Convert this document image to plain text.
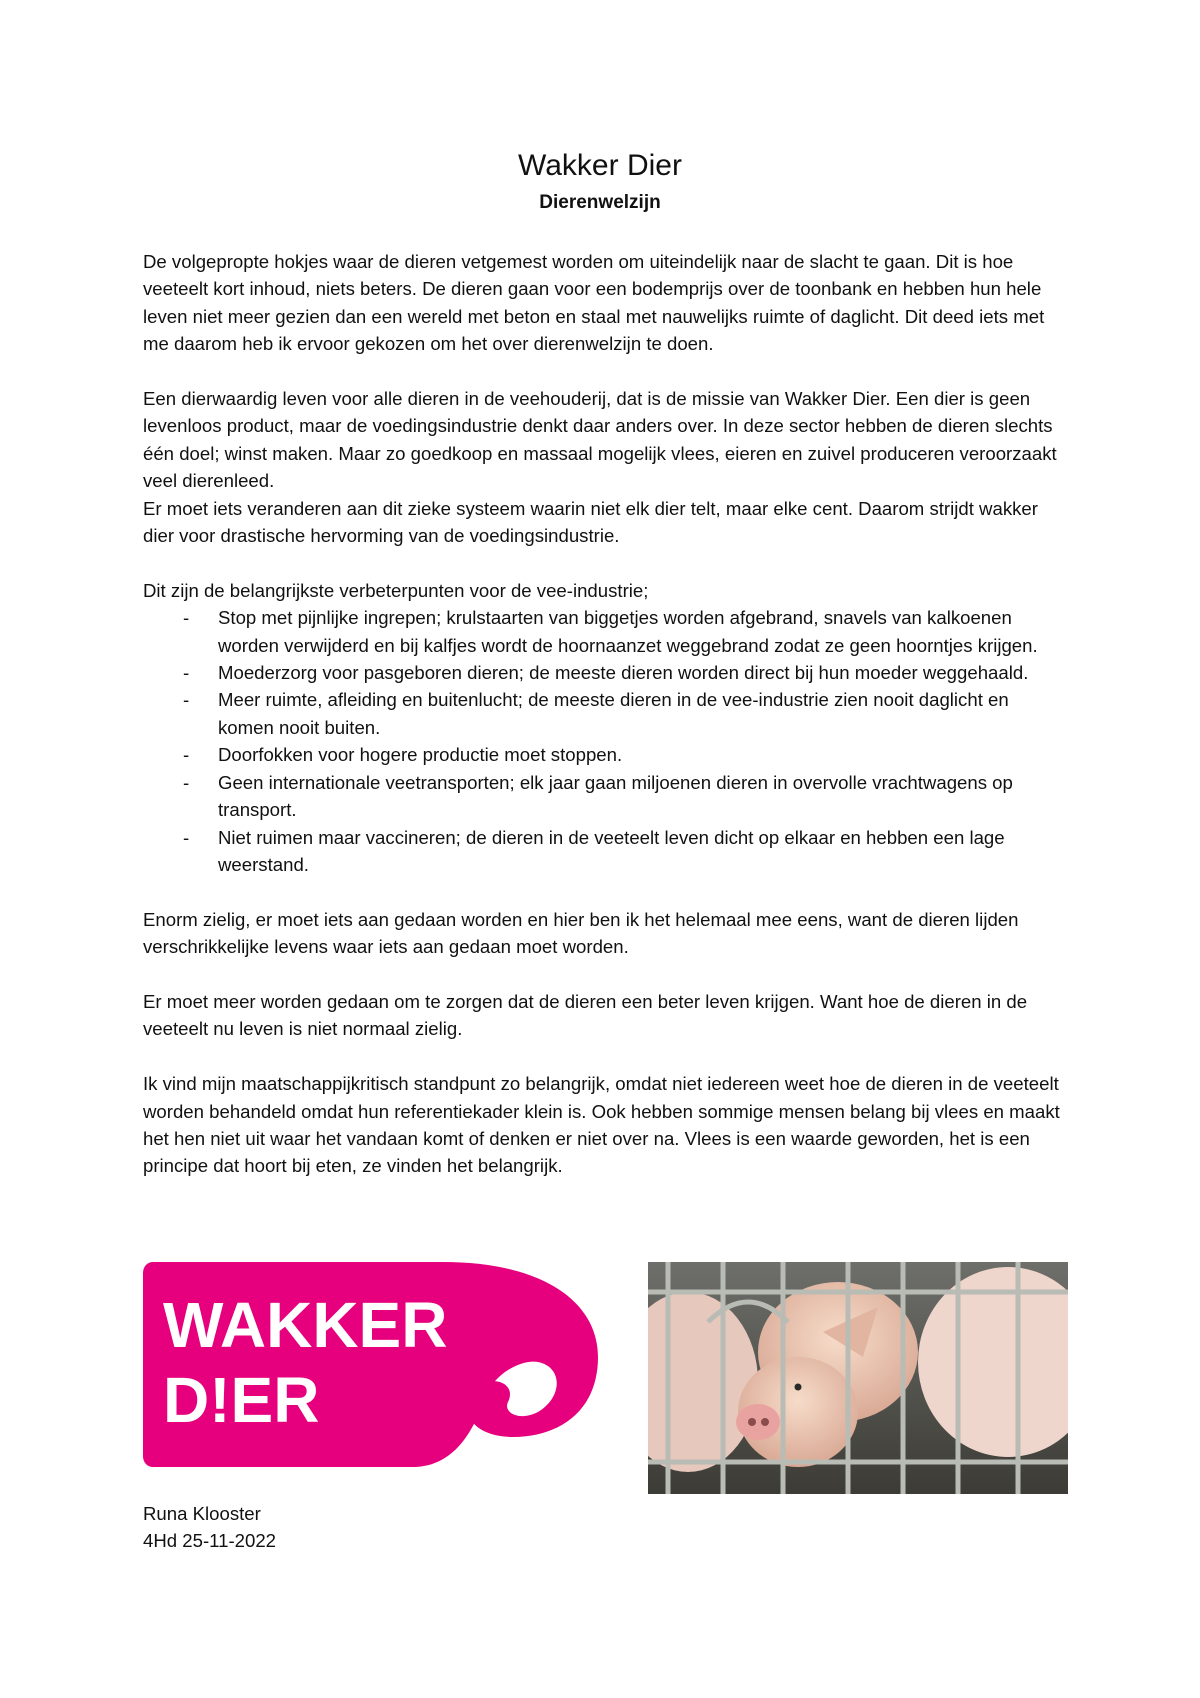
Wakker Dier
Dierenwelzijn

De volgepropte hokjes waar de dieren vetgemest worden om uiteindelijk naar de slacht te gaan. Dit is hoe veeteelt kort inhoud, niets beters. De dieren gaan voor een bodemprijs over de toonbank en hebben hun hele leven niet meer gezien dan een wereld met beton en staal met nauwelijks ruimte of daglicht. Dit deed iets met me daarom heb ik ervoor gekozen om het over dierenwelzijn te doen.

Een dierwaardig leven voor alle dieren in de veehouderij, dat is de missie van Wakker Dier. Een dier is geen levenloos product, maar de voedingsindustrie denkt daar anders over. In deze sector hebben de dieren slechts één doel; winst maken. Maar zo goedkoop en massaal mogelijk vlees, eieren en zuivel produceren veroorzaakt veel dierenleed.

Er moet iets veranderen aan dit zieke systeem waarin niet elk dier telt, maar elke cent. Daarom strijdt wakker dier voor drastische hervorming van de voedingsindustrie.

Dit zijn de belangrijkste verbeterpunten voor de vee-industrie;

- Stop met pijnlijke ingrepen; krulstaarten van biggetjes worden afgebrand, snavels van kalkoenen worden verwijderd en bij kalfjes wordt de hoornaanzet weggebrand zodat ze geen hoorntjes krijgen.
- Moederzorg voor pasgeboren dieren; de meeste dieren worden direct bij hun moeder weggehaald.
- Meer ruimte, afleiding en buitenlucht; de meeste dieren in de vee-industrie zien nooit daglicht en komen nooit buiten.
- Doorfokken voor hogere productie moet stoppen.
- Geen internationale veetransporten; elk jaar gaan miljoenen dieren in overvolle vrachtwagens op transport.
- Niet ruimen maar vaccineren; de dieren in de veeteelt leven dicht op elkaar en hebben een lage weerstand.

Enorm zielig, er moet iets aan gedaan worden en hier ben ik het helemaal mee eens, want de dieren lijden verschrikkelijke levens waar iets aan gedaan moet worden.

Er moet meer worden gedaan om te zorgen dat de dieren een beter leven krijgen. Want hoe de dieren in de veeteelt nu leven is niet normaal zielig.

Ik vind mijn maatschappijkritisch standpunt zo belangrijk, omdat niet iedereen weet hoe de dieren in de veeteelt worden behandeld omdat hun referentiekader klein is. Ook hebben sommige mensen belang bij vlees en maakt het hen niet uit waar het vandaan komt of denken er niet over na. Vlees is een waarde geworden, het is een principe dat hoort bij eten, ze vinden het belangrijk.

WAKKER
D!ER
Runa Klooster
4Hd 25-11-2022
